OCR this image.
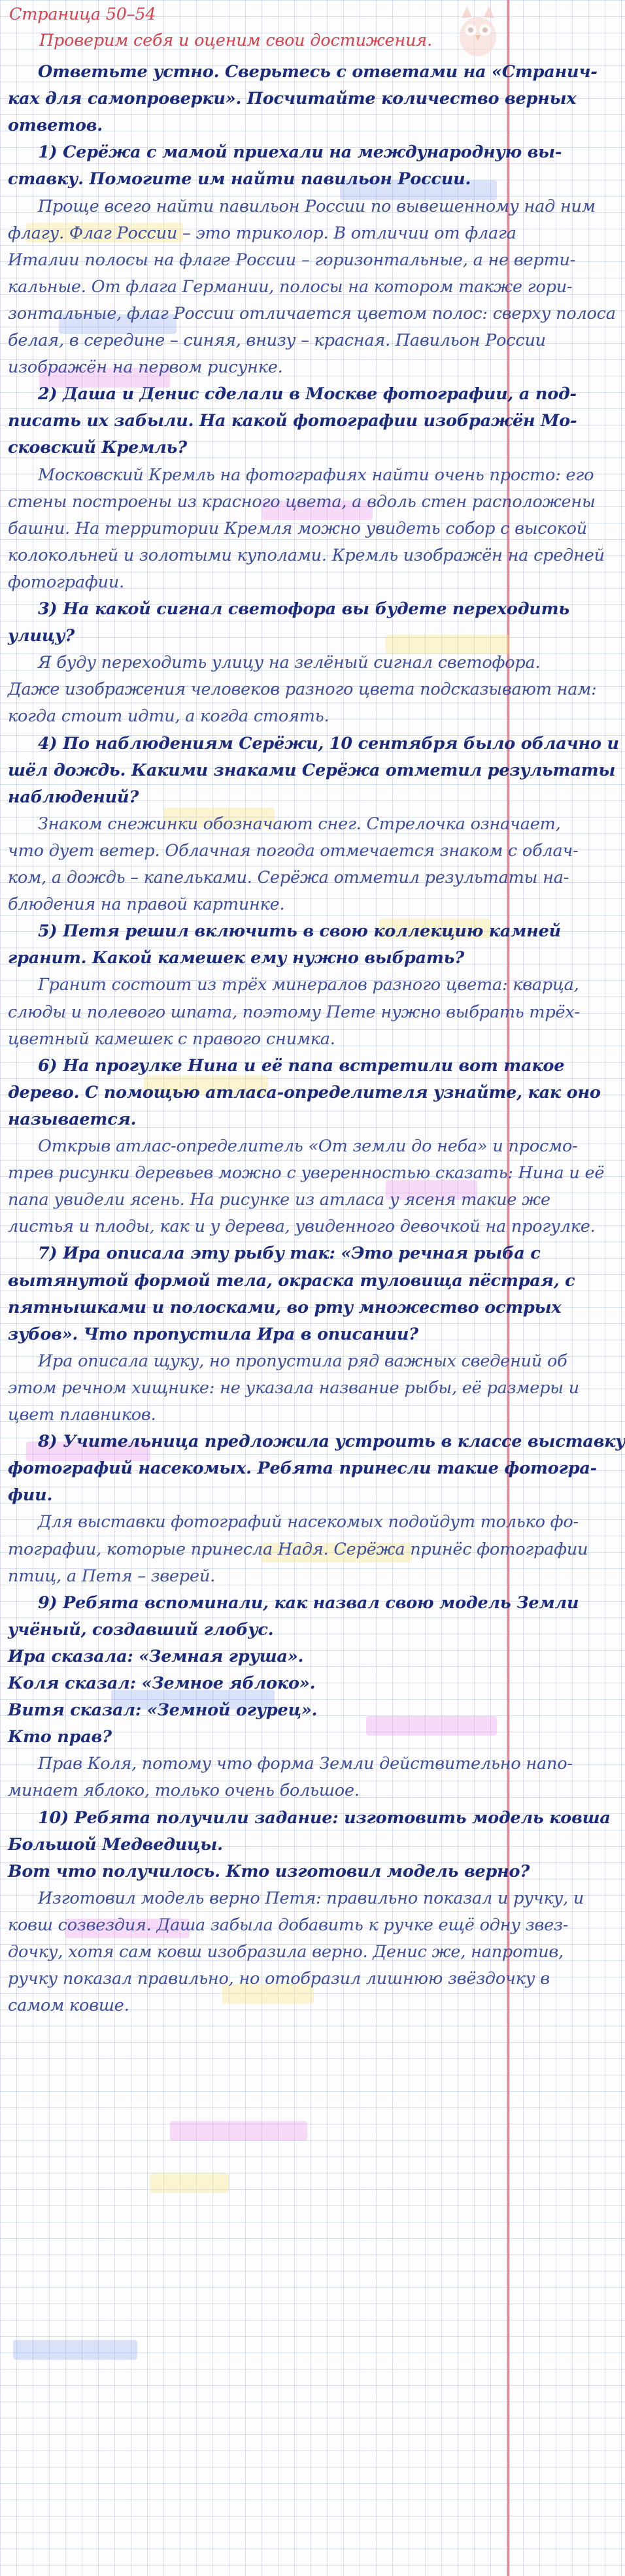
Страница 50–54
Проверим себя и оценим свои достижения.
Ответьте устно. Сверьтесь с ответами на «Странич-
ках для самопроверки». Посчитайте количество верных
ответов.
1) Серёжа с мамой приехали на международную вы-
ставку. Помогите им найти павильон России.
Проще всего найти павильон России по вывешенному над ним
флагу. Флаг России – это триколор. В отличии от флага
Италии полосы на флаге России – горизонтальные, а не верти-
кальные. От флага Германии, полосы на котором также гори-
зонтальные, флаг России отличается цветом полос: сверху полоса
белая, в середине – синяя, внизу – красная. Павильон России
изображён на первом рисунке.
2) Даша и Денис сделали в Москве фотографии, а под-
писать их забыли. На какой фотографии изображён Мо-
сковский Кремль?
Московский Кремль на фотографиях найти очень просто: его
стены построены из красного цвета, а вдоль стен расположены
башни. На территории Кремля можно увидеть собор с высокой
колокольней и золотыми куполами. Кремль изображён на средней
фотографии.
3) На какой сигнал светофора вы будете переходить
улицу?
Я буду переходить улицу на зелёный сигнал светофора.
Даже изображения человеков разного цвета подсказывают нам:
когда стоит идти, а когда стоять.
4) По наблюдениям Серёжи, 10 сентября было облачно и
шёл дождь. Какими знаками Серёжа отметил результаты
наблюдений?
Знаком снежинки обозначают снег. Стрелочка означает,
что дует ветер. Облачная погода отмечается знаком с облач-
ком, а дождь – капельками. Серёжа отметил результаты на-
блюдения на правой картинке.
5) Петя решил включить в свою коллекцию камней
гранит. Какой камешек ему нужно выбрать?
Гранит состоит из трёх минералов разного цвета: кварца,
слюды и полевого шпата, поэтому Пете нужно выбрать трёх-
цветный камешек с правого снимка.
6) На прогулке Нина и её папа встретили вот такое
дерево. С помощью атласа-определителя узнайте, как оно
называется.
Открыв атлас-определитель «От земли до неба» и просмо-
трев рисунки деревьев можно с уверенностью сказать: Нина и её
папа увидели ясень. На рисунке из атласа у ясеня такие же
листья и плоды, как и у дерева, увиденного девочкой на прогулке.
7) Ира описала эту рыбу так: «Это речная рыба с
вытянутой формой тела, окраска туловища пёстрая, с
пятнышками и полосками, во рту множество острых
зубов». Что пропустила Ира в описании?
Ира описала щуку, но пропустила ряд важных сведений об
этом речном хищнике: не указала название рыбы, её размеры и
цвет плавников.
8) Учительница предложила устроить в классе выставку
фотографий насекомых. Ребята принесли такие фотогра-
фии.
Для выставки фотографий насекомых подойдут только фо-
тографии, которые принесла Надя. Серёжа принёс фотографии
птиц, а Петя – зверей.
9) Ребята вспоминали, как назвал свою модель Земли
учёный, создавший глобус.
Ира сказала: «Земная груша».
Коля сказал: «Земное яблоко».
Витя сказал: «Земной огурец».
Кто прав?
Прав Коля, потому что форма Земли действительно напо-
минает яблоко, только очень большое.
10) Ребята получили задание: изготовить модель ковша
Большой Медведицы.
Вот что получилось. Кто изготовил модель верно?
Изготовил модель верно Петя: правильно показал и ручку, и
ковш созвездия. Даша забыла добавить к ручке ещё одну звез-
дочку, хотя сам ковш изобразила верно. Денис же, напротив,
ручку показал правильно, но отобразил лишнюю звёздочку в
самом ковше.
